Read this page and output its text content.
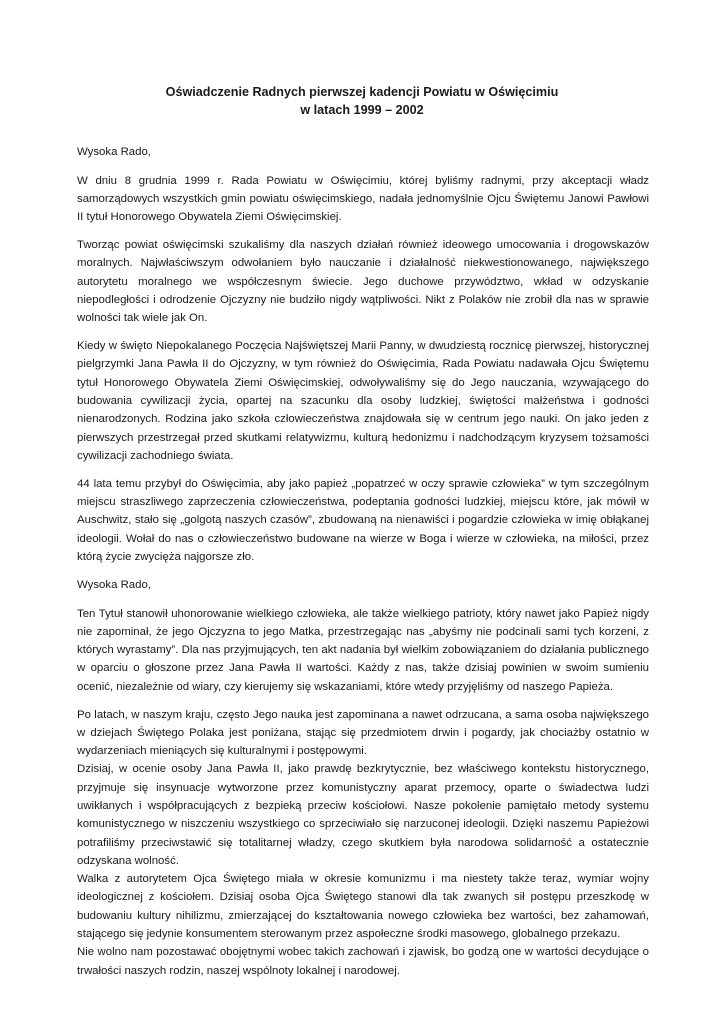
Oświadczenie Radnych pierwszej kadencji Powiatu w Oświęcimiu
w latach 1999 – 2002

Wysoka Rado,

W dniu 8 grudnia 1999 r. Rada Powiatu w Oświęcimiu, której byliśmy radnymi, przy akceptacji władz samorządowych wszystkich gmin powiatu oświęcimskiego, nadała jednomyślnie Ojcu Świętemu Janowi Pawłowi II tytuł Honorowego Obywatela Ziemi Oświęcimskiej.

Tworząc powiat oświęcimski szukaliśmy dla naszych działań również ideowego umocowania i drogowskazów moralnych. Najwłaściwszym odwołaniem było nauczanie i działalność niekwestionowanego, największego autorytetu moralnego we współczesnym świecie. Jego duchowe przywództwo, wkład w odzyskanie niepodległości i odrodzenie Ojczyzny nie budziło nigdy wątpliwości. Nikt z Polaków nie zrobił dla nas w sprawie wolności tak wiele jak On.

Kiedy w święto Niepokalanego Poczęcia Najświętszej Marii Panny, w dwudziestą rocznicę pierwszej, historycznej pielgrzymki Jana Pawła II do Ojczyzny, w tym również do Oświęcimia, Rada Powiatu nadawała Ojcu Świętemu tytuł Honorowego Obywatela Ziemi Oświęcimskiej, odwoływaliśmy się do Jego nauczania, wzywającego do budowania cywilizacji życia, opartej na szacunku dla osoby ludzkiej, świętości małżeństwa i godności nienarodzonych. Rodzina jako szkoła człowieczeństwa znajdowała się w centrum jego nauki. On jako jeden z pierwszych przestrzegał przed skutkami relatywizmu, kulturą hedonizmu i nadchodzącym kryzysem tożsamości cywilizacji zachodniego świata.

44 lata temu przybył do Oświęcimia, aby jako papież „popatrzeć w oczy sprawie człowieka” w tym szczególnym miejscu straszliwego zaprzeczenia człowieczeństwa, podeptania godności ludzkiej, miejscu które, jak mówił w Auschwitz, stało się „golgotą naszych czasów”, zbudowaną na nienawiści i pogardzie człowieka w imię obłąkanej ideologii. Wołał do nas o człowieczeństwo budowane na wierze w Boga i wierze w człowieka, na miłości, przez którą życie zwycięża najgorsze zło.

Wysoka Rado,

Ten Tytuł stanowił uhonorowanie wielkiego człowieka, ale także wielkiego patrioty, który nawet jako Papież nigdy nie zapominał, że jego Ojczyzna to jego Matka, przestrzegając nas „abyśmy nie podcinali sami tych korzeni, z których wyrastamy”. Dla nas przyjmujących, ten akt nadania był wielkim zobowiązaniem do działania publicznego w oparciu o głoszone przez Jana Pawła II wartości. Każdy z nas, także dzisiaj powinien w swoim sumieniu ocenić, niezależnie od wiary, czy kierujemy się wskazaniami, które wtedy przyjęliśmy od naszego Papieża.

Po latach, w naszym kraju, często Jego nauka jest zapominana a nawet odrzucana, a sama osoba największego w dziejach Świętego Polaka jest poniżana, stając się przedmiotem drwin i pogardy, jak chociażby ostatnio w wydarzeniach mieniących się kulturalnymi i postępowymi.

Dzisiaj, w ocenie osoby Jana Pawła II, jako prawdę bezkrytycznie, bez właściwego kontekstu historycznego, przyjmuje się insynuacje wytworzone przez komunistyczny aparat przemocy, oparte o świadectwa ludzi uwikłanych i współpracujących z bezpieką przeciw kościołowi. Nasze pokolenie pamiętało metody systemu komunistycznego w niszczeniu wszystkiego co sprzeciwiało się narzuconej ideologii. Dzięki naszemu Papieżowi potrafiliśmy przeciwstawić się totalitarnej władzy, czego skutkiem była narodowa solidarność a ostatecznie odzyskana wolność.

Walka z autorytetem Ojca Świętego miała w okresie komunizmu i ma niestety także teraz, wymiar wojny ideologicznej z kościołem. Dzisiaj osoba Ojca Świętego stanowi dla tak zwanych sił postępu przeszkodę w budowaniu kultury nihilizmu, zmierzającej do kształtowania nowego człowieka bez wartości, bez zahamowań, stającego się jedynie konsumentem sterowanym przez aspołeczne środki masowego, globalnego przekazu.

Nie wolno nam pozostawać obojętnymi wobec takich zachowań i zjawisk, bo godzą one w wartości decydujące o trwałości naszych rodzin, naszej wspólnoty lokalnej i narodowej.
